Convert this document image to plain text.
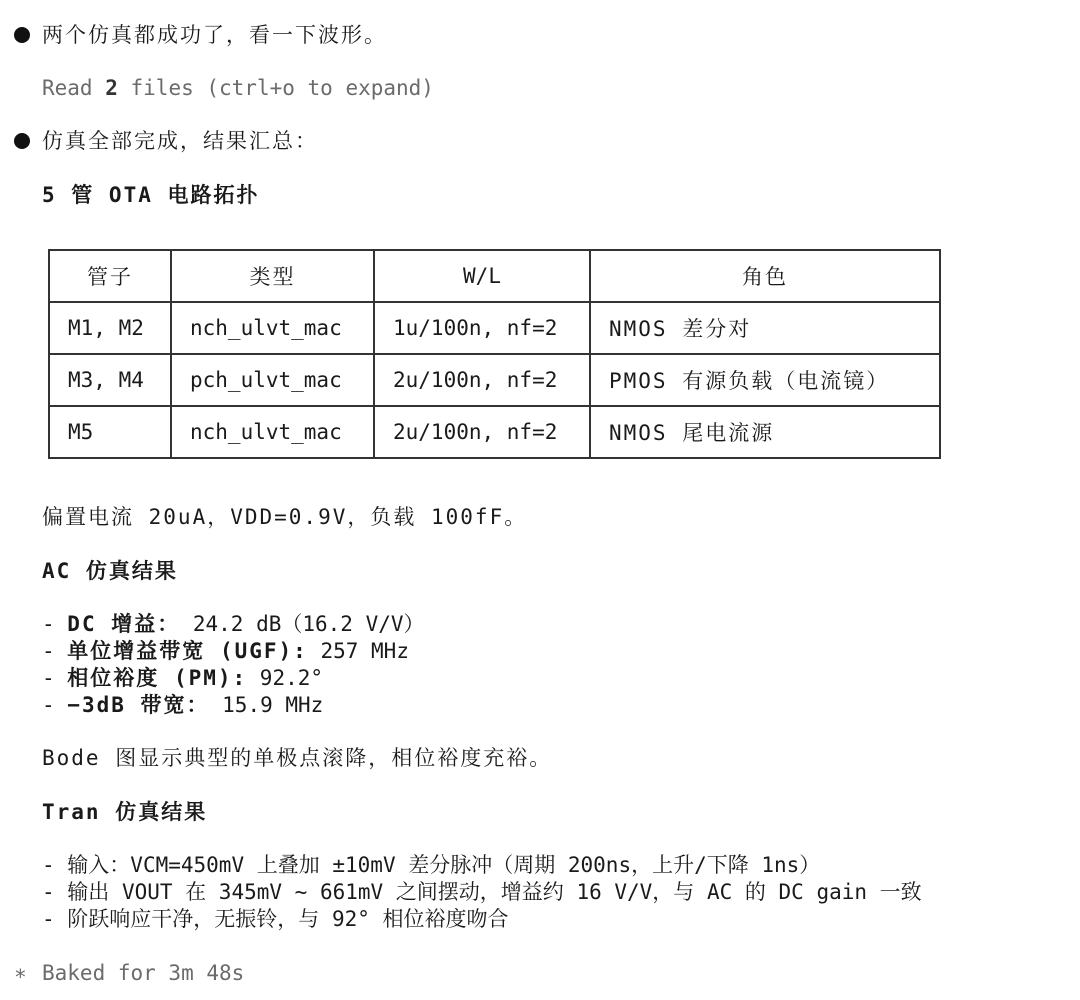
两个仿真都成功了，看一下波形。
Read 2 files (ctrl+o to expand)
仿真全部完成，结果汇总：
5 管 OTA 电路拓扑
管子	类型	W/L	角色
M1, M2	nch_ulvt_mac	1u/100n, nf=2	NMOS 差分对
M3, M4	pch_ulvt_mac	2u/100n, nf=2	PMOS 有源负载（电流镜）
M5	nch_ulvt_mac	2u/100n, nf=2	NMOS 尾电流源
偏置电流 20uA，VDD=0.9V，负载 100fF。
AC 仿真结果
- DC 增益： 24.2 dB（16.2 V/V）
- 单位增益带宽 (UGF): 257 MHz
- 相位裕度 (PM): 92.2°
- −3dB 带宽： 15.9 MHz
Bode 图显示典型的单极点滚降，相位裕度充裕。
Tran 仿真结果
- 输入：VCM=450mV 上叠加 ±10mV 差分脉冲（周期 200ns，上升/下降 1ns）
- 输出 VOUT 在 345mV ~ 661mV 之间摆动，增益约 16 V/V，与 AC 的 DC gain 一致
- 阶跃响应干净，无振铃，与 92° 相位裕度吻合
∗ Baked for 3m 48s
